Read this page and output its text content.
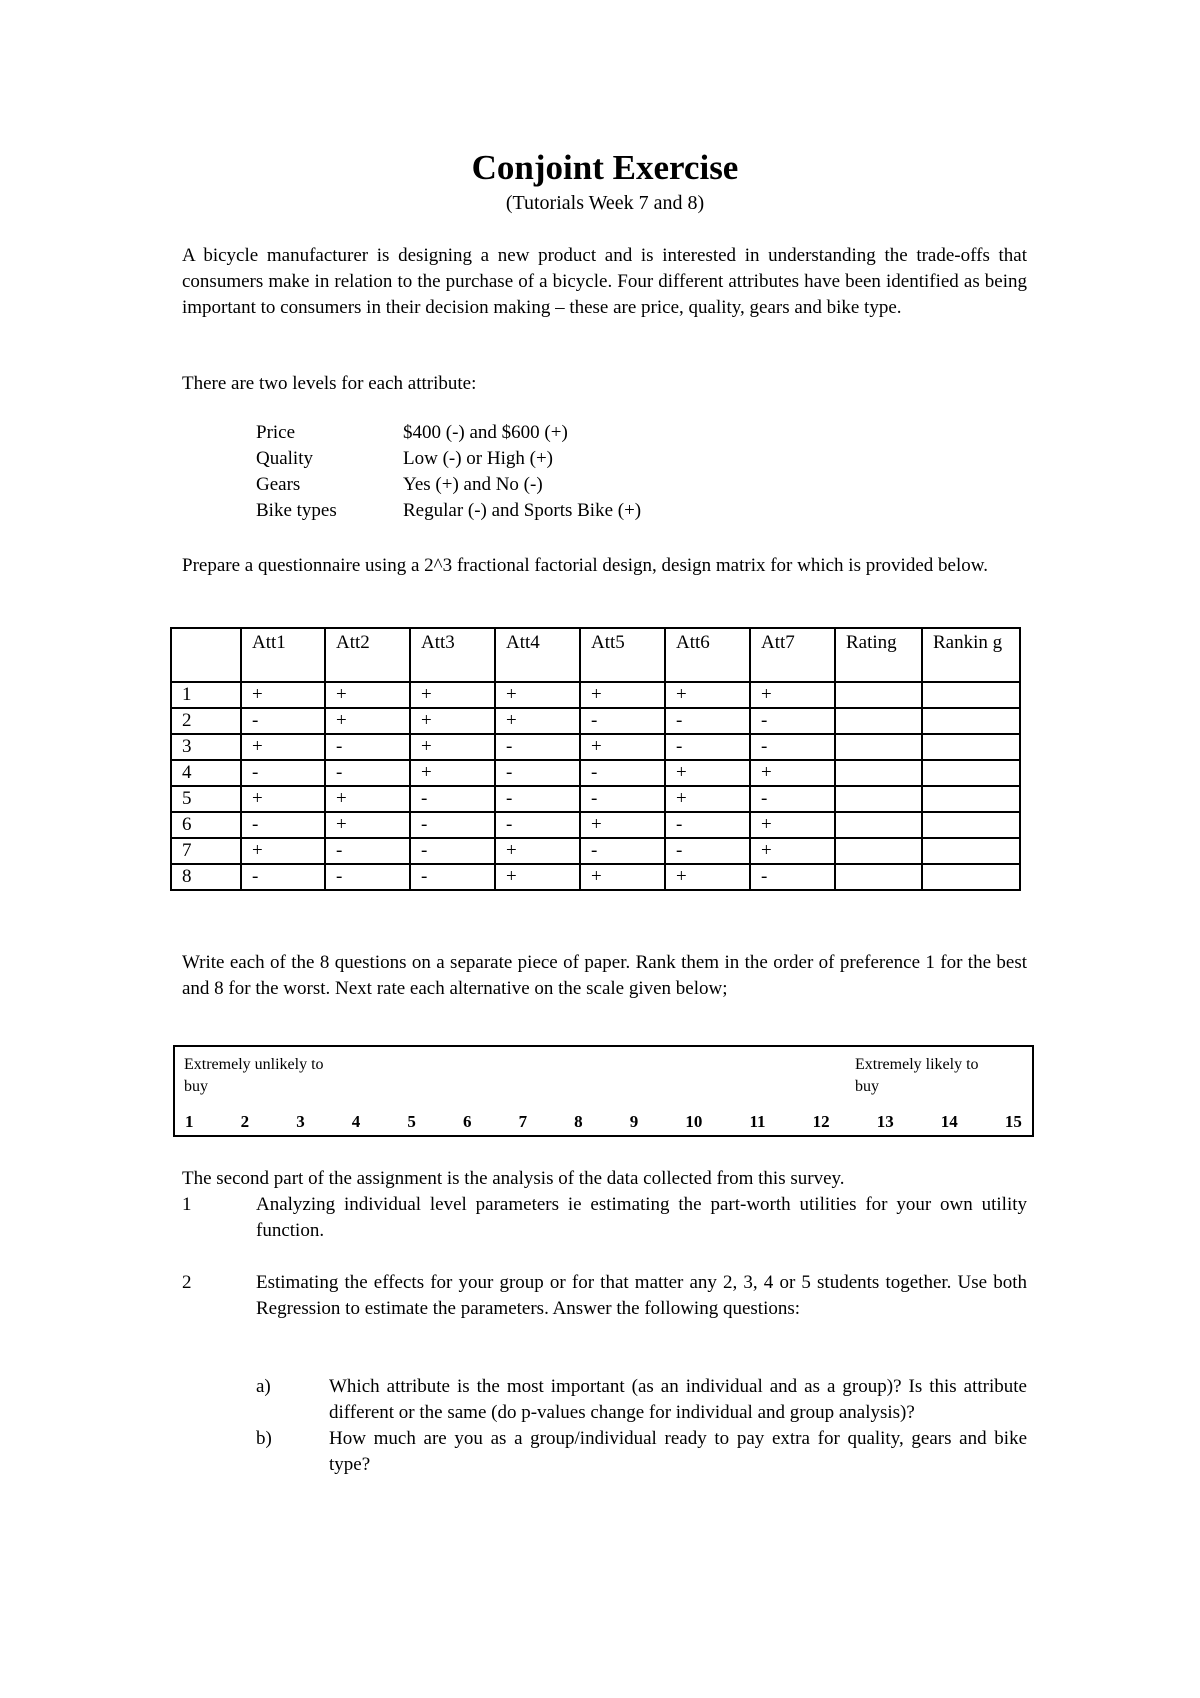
Conjoint Exercise
(Tutorials Week 7 and 8)
A bicycle manufacturer is designing a new product and is interested in understanding the trade-offs that consumers make in relation to the purchase of a bicycle. Four different attributes have been identified as being important to consumers in their decision making – these are price, quality, gears and bike type.
There are two levels for each attribute:
Price	$400 (-) and $600 (+)
Quality	Low (-) or High (+)
Gears	Yes (+) and No (-)
Bike types	Regular (-) and Sports Bike (+)
Prepare a questionnaire using a 2^3 fractional factorial design, design matrix for which is provided below.
	Att1	Att2	Att3	Att4	Att5	Att6	Att7	Rating	Rankin g
1	+	+	+	+	+	+	+		
2	-	+	+	+	-	-	-		
3	+	-	+	-	+	-	-		
4	-	-	+	-	-	+	+		
5	+	+	-	-	-	+	-		
6	-	+	-	-	+	-	+		
7	+	-	-	+	-	-	+		
8	-	-	-	+	+	+	-		
Write each of the 8 questions on a separate piece of paper. Rank them in the order of preference 1 for the best and 8 for the worst. Next rate each alternative on the scale given below;
Extremely unlikely to buy
Extremely likely to buy
1	2	3	4	5	6	7	8	9	10	11	12	13	14	15
The second part of the assignment is the analysis of the data collected from this survey.
1	Analyzing individual level parameters ie estimating the part-worth utilities for your own utility function.
2	Estimating the effects for your group or for that matter any 2, 3, 4 or 5 students together. Use both Regression to estimate the parameters. Answer the following questions:
a)	Which attribute is the most important (as an individual and as a group)? Is this attribute different or the same (do p-values change for individual and group analysis)?
b)	How much are you as a group/individual ready to pay extra for quality, gears and bike type?
